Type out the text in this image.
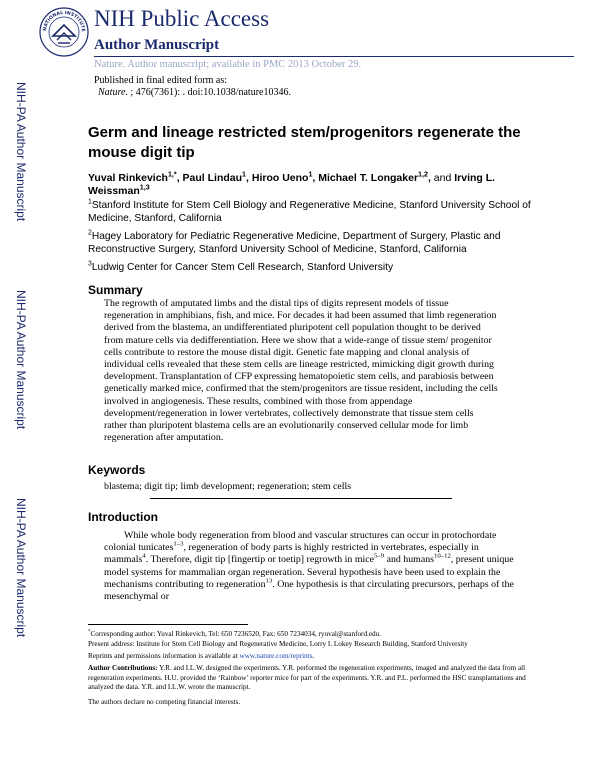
NATIONAL INSTITUTE NIH Public Access
Author Manuscript
Nature. Author manuscript; available in PMC 2013 October 29.
Published in final edited form as:
Nature. ; 476(7361): . doi:10.1038/nature10346.
NIH-PA Author Manuscript
NIH-PA Author Manuscript
NIH-PA Author Manuscript
Germ and lineage restricted stem/progenitors regenerate the mouse digit tip
Yuval Rinkevich$^{1,*}$, Paul Lindau$^1$, Hiroo Ueno$^1$, Michael T. Longaker$^{1,2}$, and Irving L. Weissman$^{1,3}$
$^1$Stanford Institute for Stem Cell Biology and Regenerative Medicine, Stanford University School of Medicine, Stanford, California
$^2$Hagey Laboratory for Pediatric Regenerative Medicine, Department of Surgery, Plastic and Reconstructive Surgery, Stanford University School of Medicine, Stanford, California
$^3$Ludwig Center for Cancer Stem Cell Research, Stanford University
Summary
The regrowth of amputated limbs and the distal tips of digits represent models of tissue regeneration in amphibians, fish, and mice. For decades it had been assumed that limb regeneration derived from the blastema, an undifferentiated pluripotent cell population thought to be derived from mature cells via dedifferentiation. Here we show that a wide-range of tissue stem/ progenitor cells contribute to restore the mouse distal digit. Genetic fate mapping and clonal analysis of individual cells revealed that these stem cells are lineage restricted, mimicking digit growth during development. Transplantation of CFP expressing hematopoietic stem cells, and parabiosis between genetically marked mice, confirmed that the stem/progenitors are tissue resident, including the cells involved in angiogenesis. These results, combined with those from appendage development/regeneration in lower vertebrates, collectively demonstrate that tissue stem cells rather than pluripotent blastema cells are an evolutionarily conserved cellular mode for limb regeneration after amputation.
Keywords
blastema; digit tip; limb development; regeneration; stem cells
Introduction
While whole body regeneration from blood and vascular structures can occur in protochordate colonial tunicates$^{1-3}$, regeneration of body parts is highly restricted in vertebrates, especially in mammals$^4$. Therefore, digit tip [fingertip or toetip] regrowth in mice$^{5-9}$ and humans$^{10-12}$, present unique model systems for mammalian organ regeneration. Several hypothesis have been used to explain the mechanisms contributing to regeneration$^{13}$. One hypothesis is that circulating precursors, perhaps of the mesenchymal or
*Corresponding author: Yuval Rinkevich, Tel: 650 7236520, Fax: 650 7234034, ryuval@stanford.edu.
Present address: Institute for Stem Cell Biology and Regenerative Medicine, Lorry I. Lokey Research Building, Stanford University
Reprints and permissions information is available at www.nature.com/reprints.
Author Contributions: Y.R. and I.L.W. designed the experiments. Y.R. performed the regeneration experiments, imaged and analyzed the data from all regeneration experiments. H.U. provided the ‘Rainbow’ reporter mice for part of the experiments. Y.R. and P.L. performed the HSC transplantations and analyzed the data. Y.R. and I.L.W. wrote the manuscript.
The authors declare no competing financial interests.
